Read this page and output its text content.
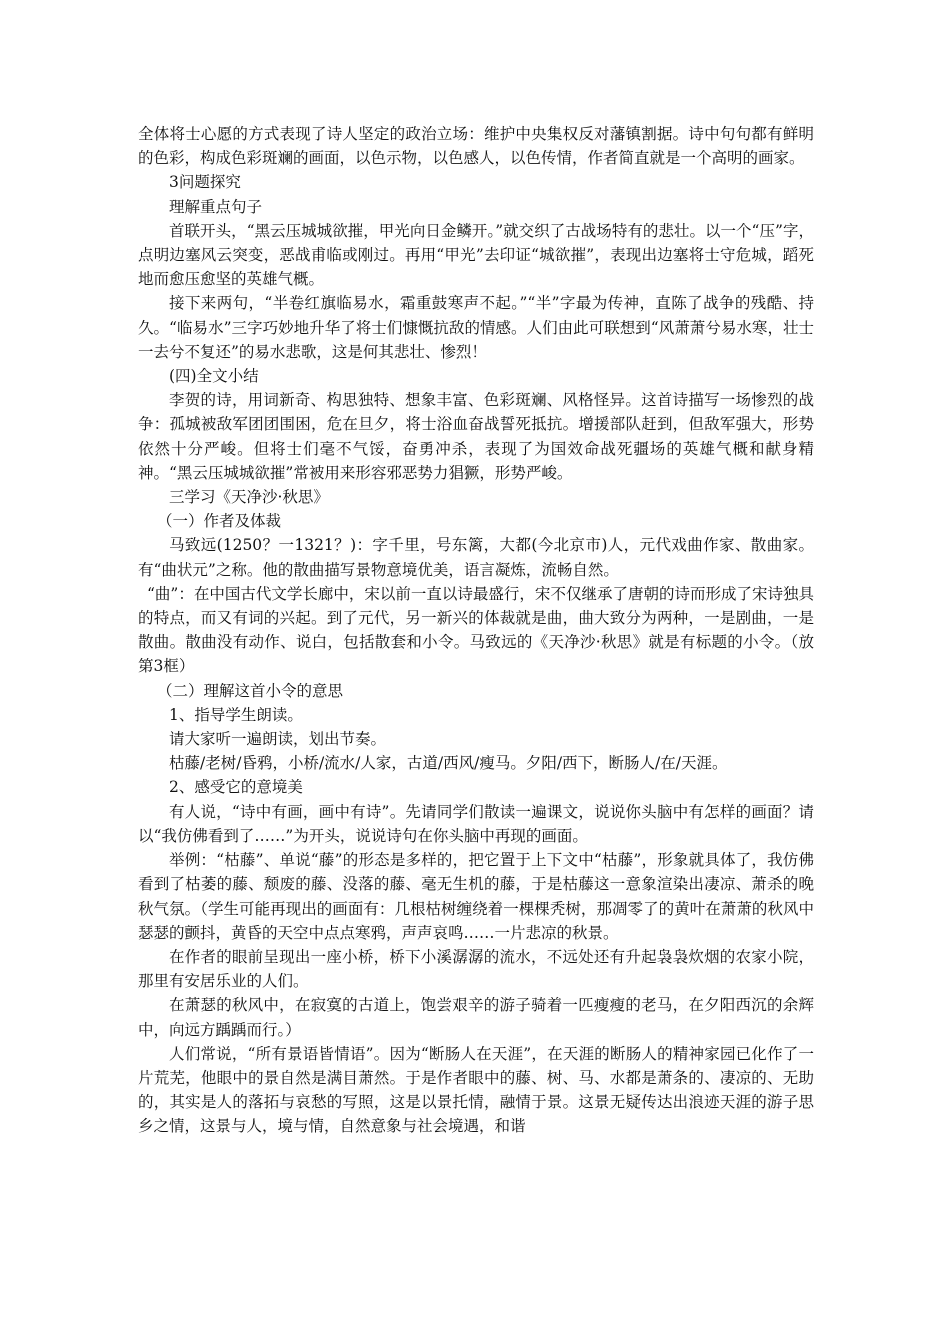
全体将士心愿的方式表现了诗人坚定的政治立场：维护中央集权反对藩镇割据。诗中句句都有鲜明的色彩，构成色彩斑斓的画面，以色示物，以色感人，以色传情，作者简直就是一个高明的画家。

3问题探究

理解重点句子

首联开头，“黑云压城城欲摧，甲光向日金鳞开。”就交织了古战场特有的悲壮。以一个“压”字，点明边塞风云突变，恶战甫临或刚过。再用“甲光”去印证“城欲摧”，表现出边塞将士守危城，蹈死地而愈压愈坚的英雄气概。

接下来两句，“半卷红旗临易水，霜重鼓寒声不起。”“半”字最为传神，直陈了战争的残酷、持久。“临易水”三字巧妙地升华了将士们慷慨抗敌的情感。人们由此可联想到“风萧萧兮易水寒，壮士一去兮不复还”的易水悲歌，这是何其悲壮、惨烈！

(四)全文小结

李贺的诗，用词新奇、构思独特、想象丰富、色彩斑斓、风格怪异。这首诗描写一场惨烈的战争：孤城被敌军团团围困，危在旦夕，将士浴血奋战誓死抵抗。增援部队赶到，但敌军强大，形势依然十分严峻。但将士们毫不气馁，奋勇冲杀，表现了为国效命战死疆场的英雄气概和献身精神。“黑云压城城欲摧”常被用来形容邪恶势力猖獗，形势严峻。

三学习《天净沙·秋思》

（一）作者及体裁

马致远(1250？一1321？)：字千里，号东篱，大都(今北京市)人，元代戏曲作家、散曲家。有“曲状元”之称。他的散曲描写景物意境优美，语言凝炼，流畅自然。

“曲”：在中国古代文学长廊中，宋以前一直以诗最盛行，宋不仅继承了唐朝的诗而形成了宋诗独具的特点，而又有词的兴起。到了元代，另一新兴的体裁就是曲，曲大致分为两种，一是剧曲，一是散曲。散曲没有动作、说白，包括散套和小令。马致远的《天净沙·秋思》就是有标题的小令。（放第3框）

（二）理解这首小令的意思

1、指导学生朗读。

请大家听一遍朗读，划出节奏。

枯藤/老树/昏鸦，小桥/流水/人家，古道/西风/瘦马。夕阳/西下，断肠人/在/天涯。

2、感受它的意境美

有人说，“诗中有画，画中有诗”。先请同学们散读一遍课文，说说你头脑中有怎样的画面？请以“我仿佛看到了……”为开头，说说诗句在你头脑中再现的画面。

举例：“枯藤”、单说“藤”的形态是多样的，把它置于上下文中“枯藤”，形象就具体了，我仿佛看到了枯萎的藤、颓废的藤、没落的藤、毫无生机的藤，于是枯藤这一意象渲染出凄凉、萧杀的晚秋气氛。（学生可能再现出的画面有：几根枯树缠绕着一棵棵秃树，那凋零了的黄叶在萧萧的秋风中瑟瑟的颤抖，黄昏的天空中点点寒鸦，声声哀鸣……一片悲凉的秋景。

在作者的眼前呈现出一座小桥，桥下小溪潺潺的流水，不远处还有升起袅袅炊烟的农家小院，那里有安居乐业的人们。

在萧瑟的秋风中，在寂寞的古道上，饱尝艰辛的游子骑着一匹瘦瘦的老马，在夕阳西沉的余辉中，向远方踽踽而行。）

人们常说，“所有景语皆情语”。因为“断肠人在天涯”，在天涯的断肠人的精神家园已化作了一片荒芜，他眼中的景自然是满目萧然。于是作者眼中的藤、树、马、水都是萧条的、凄凉的、无助的，其实是人的落拓与哀愁的写照，这是以景托情，融情于景。这景无疑传达出浪迹天涯的游子思乡之情，这景与人，境与情，自然意象与社会境遇，和谐
